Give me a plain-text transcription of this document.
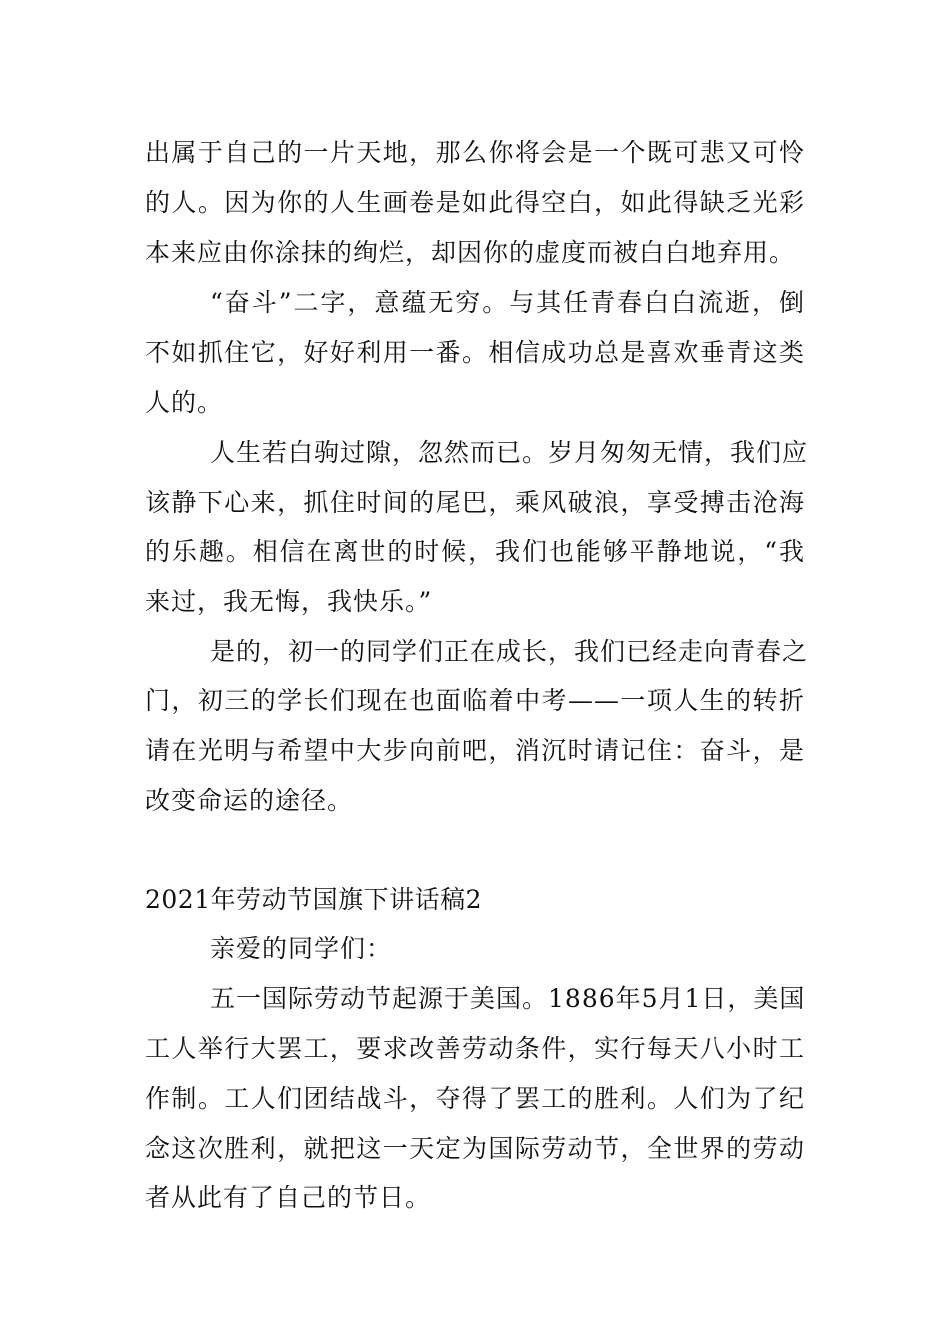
出属于自己的一片天地，那么你将会是一个既可悲又可怜
的人。因为你的人生画卷是如此得空白，如此得缺乏光彩
本来应由你涂抹的绚烂，却因你的虚度而被白白地弃用。
“奋斗”二字，意蕴无穷。与其任青春白白流逝，倒
不如抓住它，好好利用一番。相信成功总是喜欢垂青这类
人的。
人生若白驹过隙，忽然而已。岁月匆匆无情，我们应
该静下心来，抓住时间的尾巴，乘风破浪，享受搏击沧海
的乐趣。相信在离世的时候，我们也能够平静地说，“我
来过，我无悔，我快乐。”
是的，初一的同学们正在成长，我们已经走向青春之
门，初三的学长们现在也面临着中考——一项人生的转折
请在光明与希望中大步向前吧，消沉时请记住：奋斗，是
改变命运的途径。
2021年劳动节国旗下讲话稿2
亲爱的同学们：
五一国际劳动节起源于美国。1886年5月1日，美国
工人举行大罢工，要求改善劳动条件，实行每天八小时工
作制。工人们团结战斗，夺得了罢工的胜利。人们为了纪
念这次胜利，就把这一天定为国际劳动节，全世界的劳动
者从此有了自己的节日。
